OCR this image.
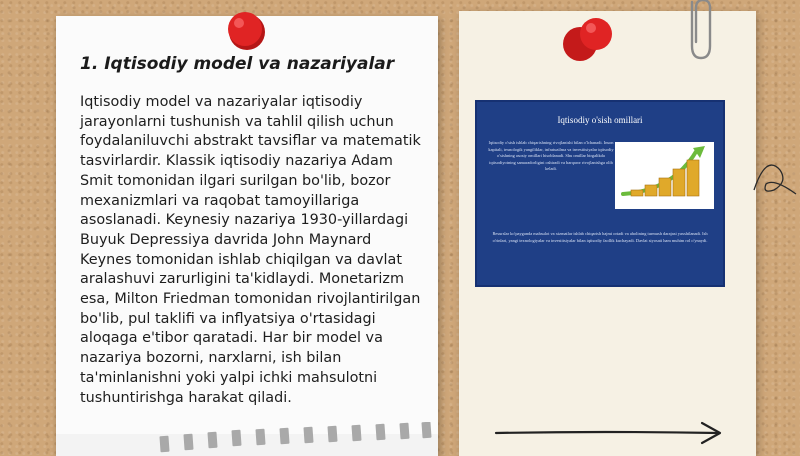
1. Iqtisodiy model va nazariyalar

Iqtisodiy model va nazariyalar iqtisodiy jarayonlarni tushunish va tahlil qilish uchun foydalaniluvchi abstrakt tavsiflar va matematik tasvirlardir. Klassik iqtisodiy nazariya Adam Smit tomonidan ilgari surilgan bo'lib, bozor mexanizmlari va raqobat tamoyillariga asoslanadi. Keynesiy nazariya 1930-yillardagi Buyuk Depressiya davrida John Maynard Keynes tomonidan ishlab chiqilgan va davlat aralashuvi zarurligini ta'kidlaydi. Monetarizm esa, Milton Friedman tomonidan rivojlantirilgan bo'lib, pul taklifi va inflyatsiya o'rtasidagi aloqaga e'tibor qaratadi. Har bir model va nazariya bozorni, narxlarni, ish bilan ta'minlanishni yoki yalpi ichki mahsulotni tushuntirishga harakat qiladi.

Iqtisodiy o'sish omillari

Iqtisodiy o'sish ishlab chiqarishning rivojlanishi bilan o'lchanadi. Inson kapitali, texnologik yangiliklar, infratuzilma va investitsiyalar iqtisodiy o'sishning asosiy omillari hisoblanadi. Shu omillar birgalikda iqtisodiyotning samaradorligini oshiradi va barqaror rivojlanishga olib keladi.

Resurslar ko'payganda mahsulot va xizmatlar ishlab chiqarish hajmi ortadi va aholining turmush darajasi yaxshilanadi. Ish o'rinlari, yangi texnologiyalar va investitsiyalar bilan iqtisodiy faollik kuchayadi. Davlat siyosati ham muhim rol o'ynaydi.
